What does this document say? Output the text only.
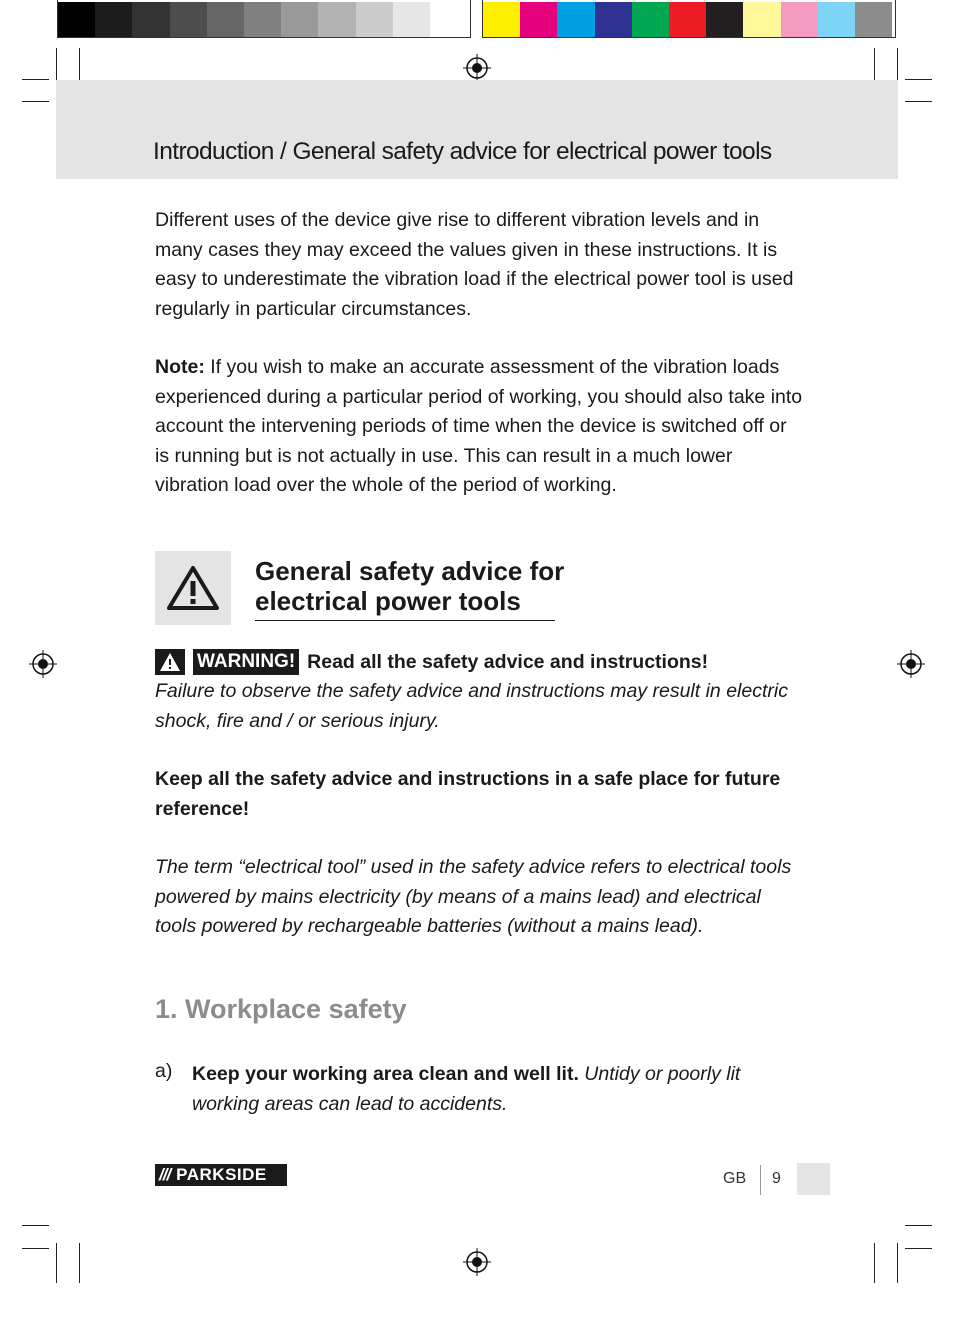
Introduction / General safety advice for electrical power tools

Different uses of the device give rise to different vibration levels and in many cases they may exceed the values given in these instructions. It is easy to underestimate the vibration load if the electrical power tool is used regularly in particular circumstances.

Note: If you wish to make an accurate assessment of the vibration loads experienced during a particular period of working, you should also take into account the intervening periods of time when the device is switched off or is running but is not actually in use. This can result in a much lower vibration load over the whole of the period of working.

General safety advice for
electrical power tools
WARNING! Read all the safety advice and instructions!

Failure to observe the safety advice and instructions may result in electric shock, fire and / or serious injury.

Keep all the safety advice and instructions in a safe place for future reference!

The term “electrical tool” used in the safety advice refers to electrical tools powered by mains electricity (by means of a mains lead) and electrical tools powered by rechargeable batteries (without a mains lead).

1. Workplace safety
a) Keep your working area clean and well lit. Untidy or poorly lit working areas can lead to accidents.
/// PARKSIDE	GB 9
